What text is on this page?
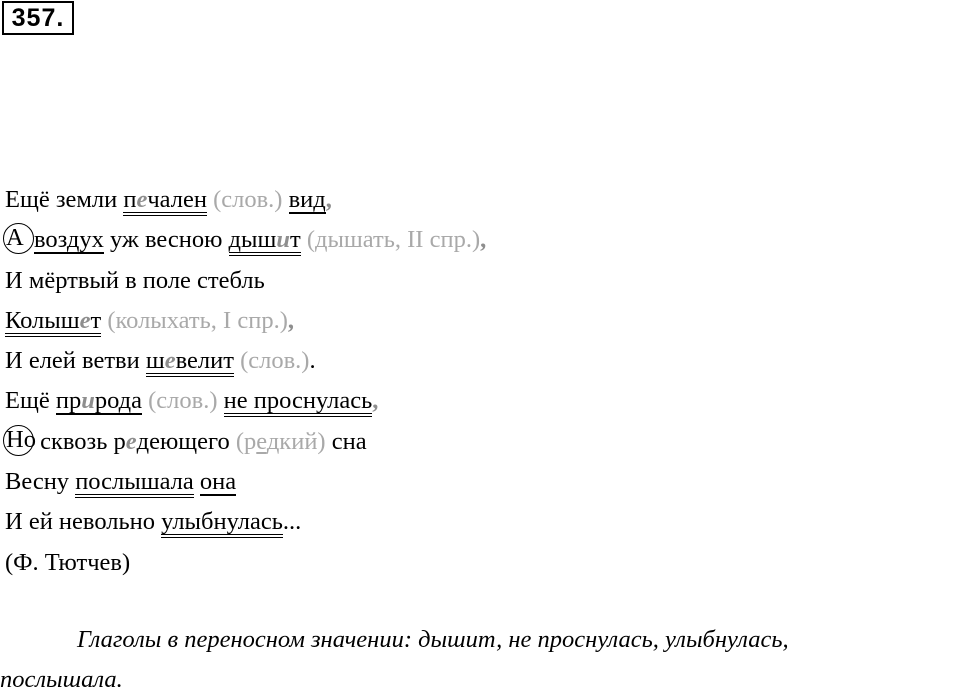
357.
Ещё земли печален (слов.) вид,
А воздух уж весною дышит (дышать, II спр.),
И мёртвый в поле стебль
Колышет (колыхать, I спр.),
И елей ветви шевелит (слов.).
Ещё природа (слов.) не проснулась,
Но сквозь редеющего (редкий) сна
Весну послышала она
И ей невольно улыбнулась...
(Ф. Тютчев)
Глаголы в переносном значении: дышит, не проснулась, улыбнулась,
послышала.
